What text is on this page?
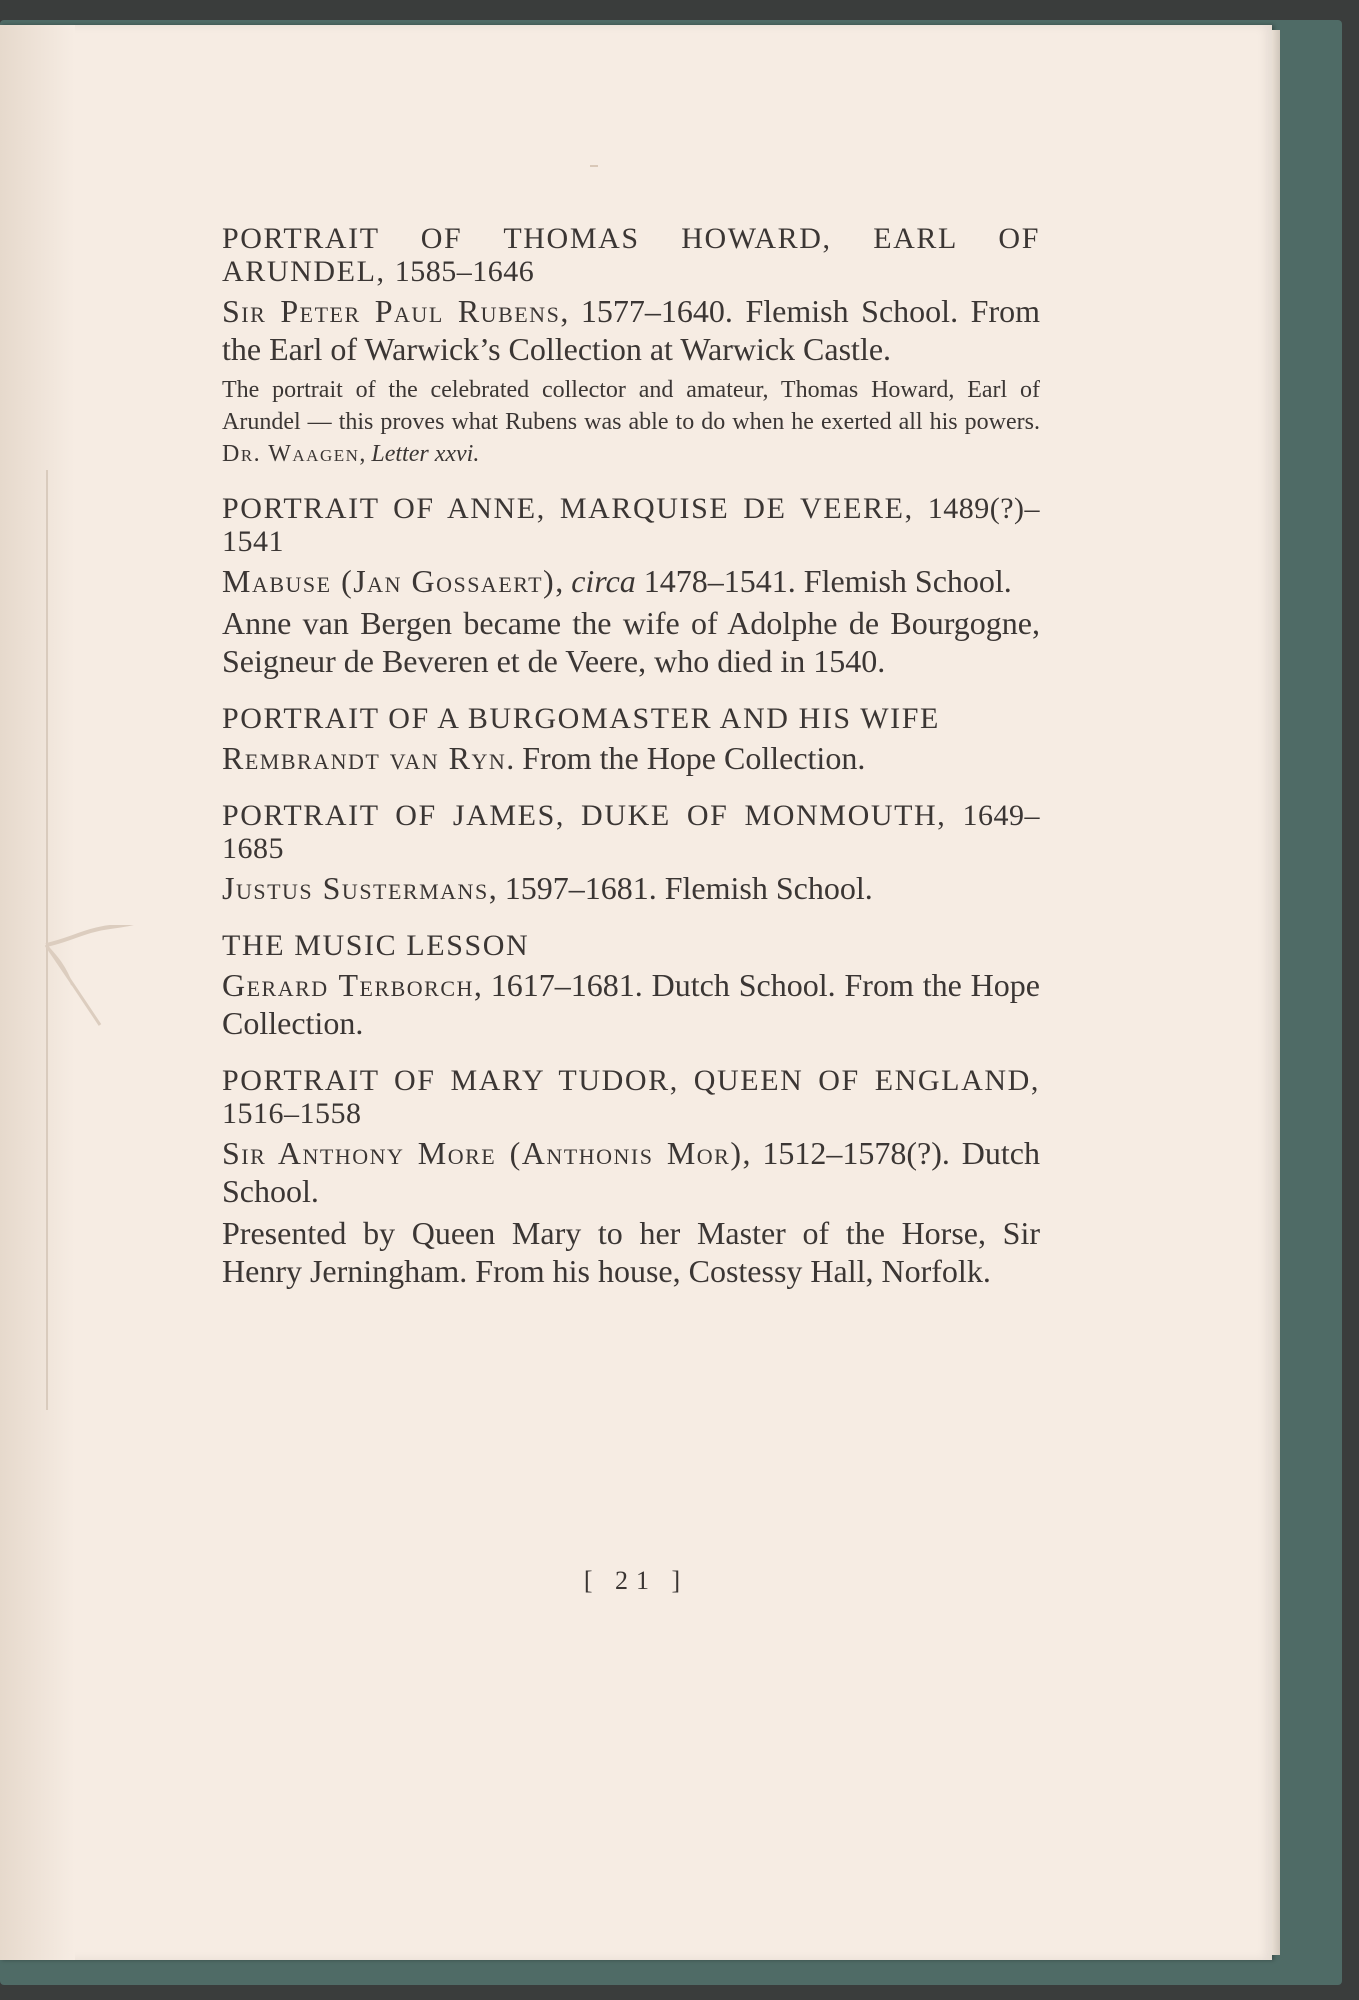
PORTRAIT OF THOMAS HOWARD, EARL OF ARUNDEL, 1585–1646

Sir Peter Paul Rubens, 1577–1640. Flemish School. From the Earl of Warwick’s Collection at Warwick Castle.

The portrait of the celebrated collector and amateur, Thomas Howard, Earl of Arundel — this proves what Rubens was able to do when he exerted all his powers. Dr. Waagen, Letter xxvi.

PORTRAIT OF ANNE, MARQUISE DE VEERE, 1489(?)–1541

Mabuse (Jan Gossaert), circa 1478–1541. Flemish School.

Anne van Bergen became the wife of Adolphe de Bourgogne, Seigneur de Beveren et de Veere, who died in 1540.

PORTRAIT OF A BURGOMASTER AND HIS WIFE

Rembrandt van Ryn. From the Hope Collection.

PORTRAIT OF JAMES, DUKE OF MONMOUTH, 1649–1685

Justus Sustermans, 1597–1681. Flemish School.

THE MUSIC LESSON

Gerard Terborch, 1617–1681. Dutch School. From the Hope Collection.

PORTRAIT OF MARY TUDOR, QUEEN OF ENGLAND, 1516–1558

Sir Anthony More (Anthonis Mor), 1512–1578(?). Dutch School.

Presented by Queen Mary to her Master of the Horse, Sir Henry Jerningham. From his house, Costessy Hall, Norfolk.

[ 21 ]
